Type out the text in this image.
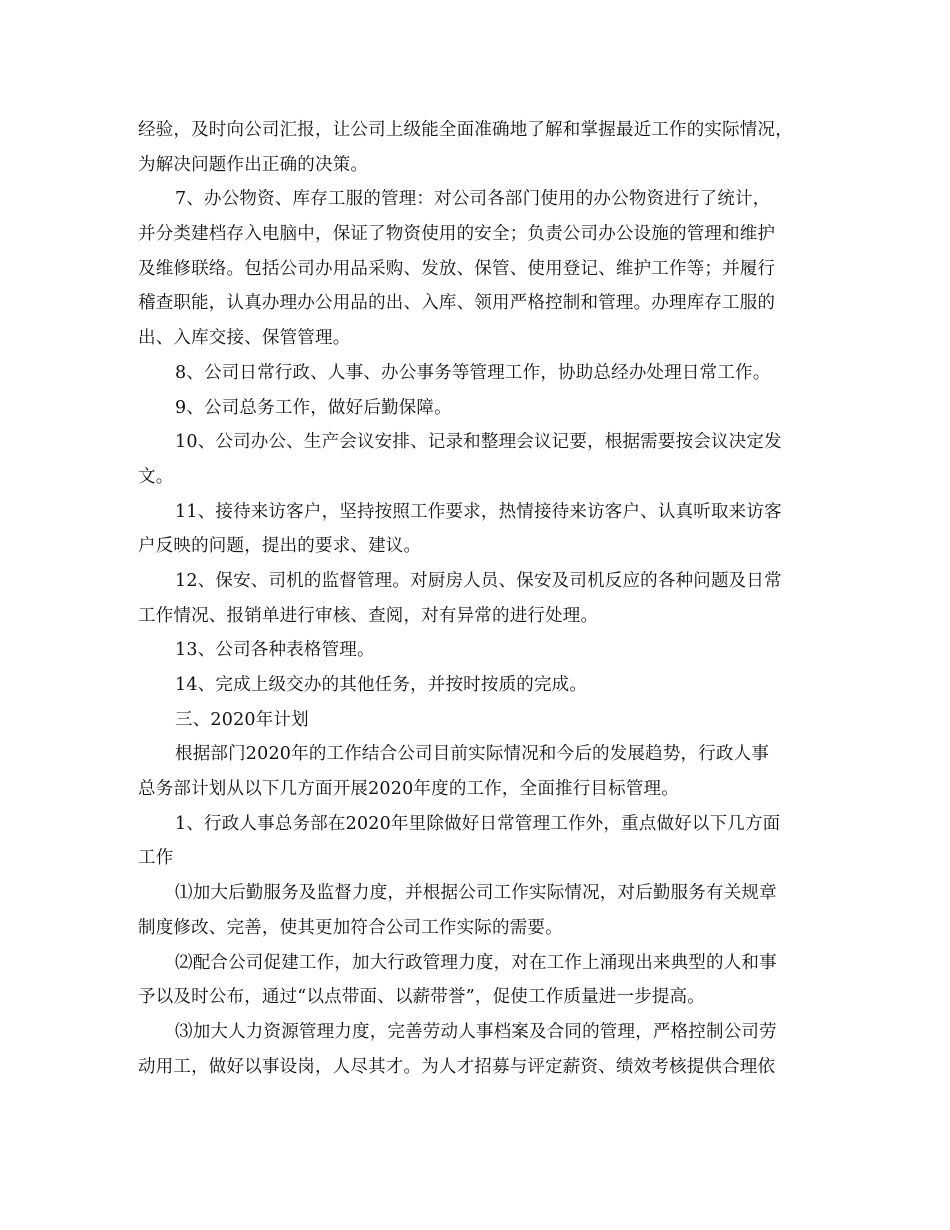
经验，及时向公司汇报，让公司上级能全面准确地了解和掌握最近工作的实际情况，
为解决问题作出正确的决策。
7、办公物资、库存工服的管理：对公司各部门使用的办公物资进行了统计，
并分类建档存入电脑中，保证了物资使用的安全；负责公司办公设施的管理和维护
及维修联络。包括公司办用品采购、发放、保管、使用登记、维护工作等；并履行
稽查职能，认真办理办公用品的出、入库、领用严格控制和管理。办理库存工服的
出、入库交接、保管管理。
8、公司日常行政、人事、办公事务等管理工作，协助总经办处理日常工作。
9、公司总务工作，做好后勤保障。
10、公司办公、生产会议安排、记录和整理会议记要，根据需要按会议决定发
文。
11、接待来访客户，坚持按照工作要求，热情接待来访客户、认真听取来访客
户反映的问题，提出的要求、建议。
12、保安、司机的监督管理。对厨房人员、保安及司机反应的各种问题及日常
工作情况、报销单进行审核、查阅，对有异常的进行处理。
13、公司各种表格管理。
14、完成上级交办的其他任务，并按时按质的完成。
三、2020年计划
根据部门2020年的工作结合公司目前实际情况和今后的发展趋势，行政人事
总务部计划从以下几方面开展2020年度的工作，全面推行目标管理。
1、行政人事总务部在2020年里除做好日常管理工作外，重点做好以下几方面
工作
⑴加大后勤服务及监督力度，并根据公司工作实际情况，对后勤服务有关规章
制度修改、完善，使其更加符合公司工作实际的需要。
⑵配合公司促建工作，加大行政管理力度，对在工作上涌现出来典型的人和事
予以及时公布，通过“以点带面、以薪带誉”，促使工作质量进一步提高。
⑶加大人力资源管理力度，完善劳动人事档案及合同的管理，严格控制公司劳
动用工，做好以事设岗，人尽其才。为人才招募与评定薪资、绩效考核提供合理依
